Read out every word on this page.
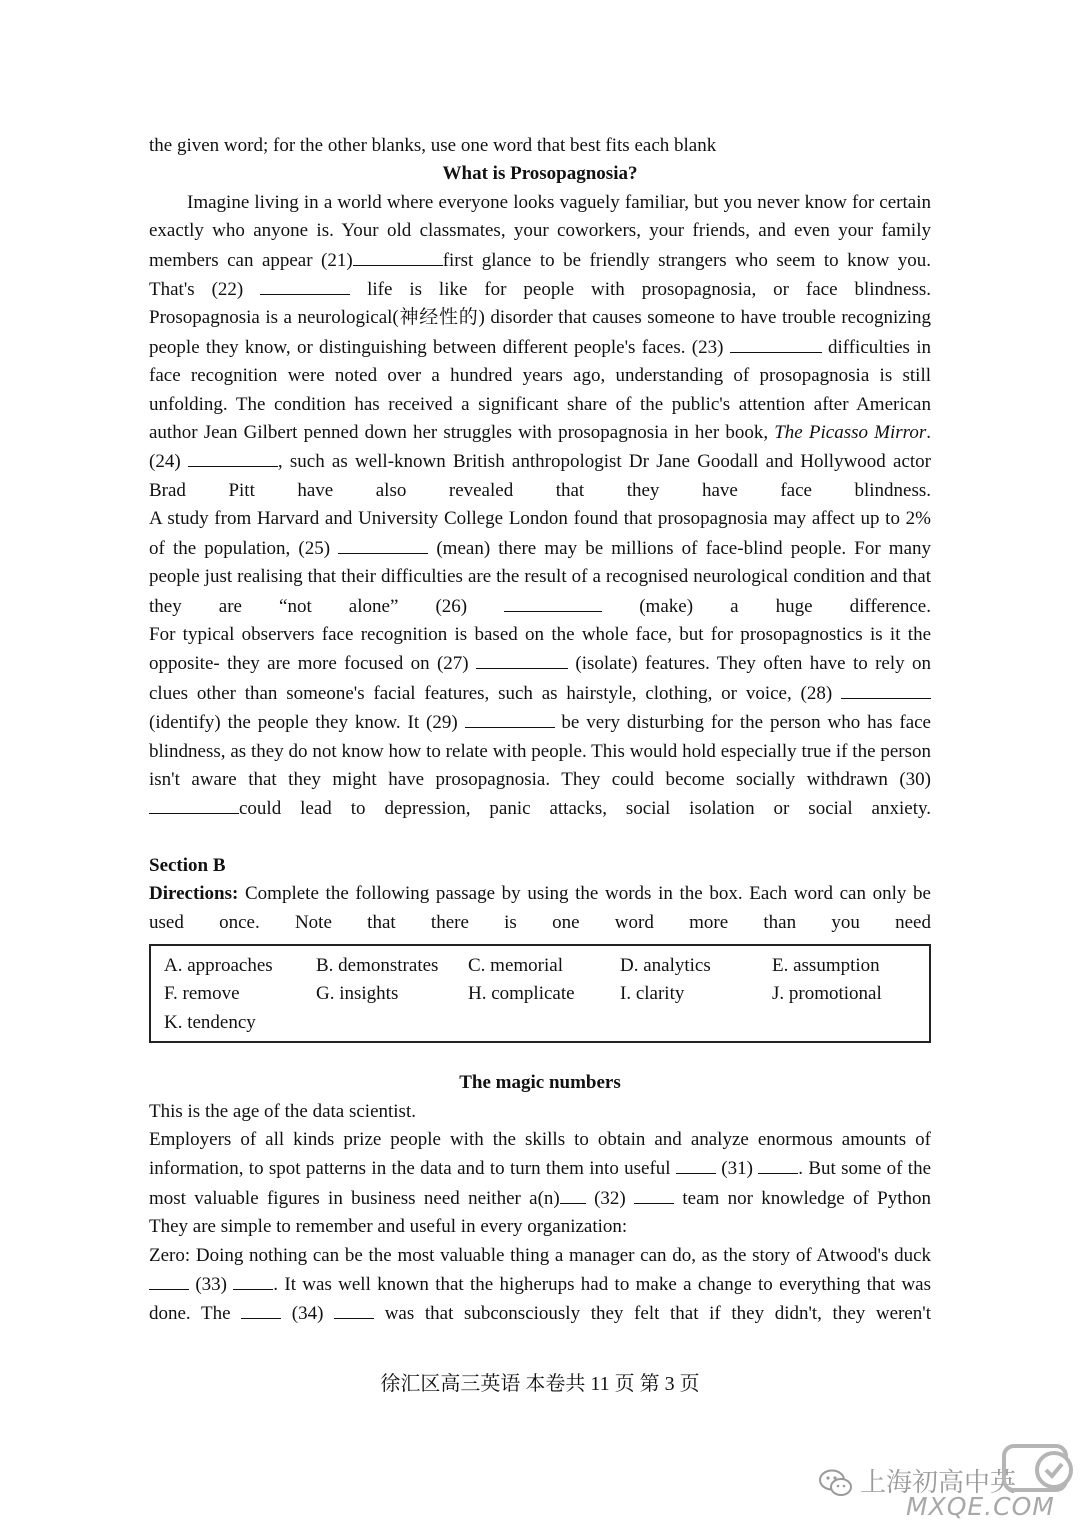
the given word; for the other blanks, use one word that best fits each blank
What is Prosopagnosia?
Imagine living in a world where everyone looks vaguely familiar, but you never know for certain exactly who anyone is. Your old classmates, your coworkers, your friends, and even your family members can appear (21)	first glance to be friendly strangers who seem to know you. That's (22)	life is like for people with prosopagnosia, or face blindness.
Prosopagnosia is a neurological(神经性的) disorder that causes someone to have trouble recognizing people they know, or distinguishing between different people's faces. (23)	difficulties in face recognition were noted over a hundred years ago, understanding of prosopagnosia is still unfolding. The condition has received a significant share of the public's attention after American author Jean Gilbert penned down her struggles with prosopagnosia in her book, The Picasso Mirror. (24)	, such as well-known British anthropologist Dr Jane Goodall and Hollywood actor Brad Pitt have also revealed that they have face blindness.
A study from Harvard and University College London found that prosopagnosia may affect up to 2% of the population, (25)	(mean) there may be millions of face-blind people. For many people just realising that their difficulties are the result of a recognised neurological condition and that they are “not alone” (26)	(make) a huge difference.
For typical observers face recognition is based on the whole face, but for prosopagnostics is it the opposite- they are more focused on (27)	(isolate) features. They often have to rely on clues other than someone's facial features, such as hairstyle, clothing, or voice, (28)  (identify) the people they know. It (29)	be very disturbing for the person who has face blindness, as they do not know how to relate with people. This would hold especially true if the person isn't aware that they might have prosopagnosia. They could become socially withdrawn (30) could lead to depression, panic attacks, social isolation or social anxiety.
Section B
Directions: Complete the following passage by using the words in the box. Each word can only be used once. Note that there is one word more than you need
A. approaches	B. demonstrates	C. memorial	D. analytics	E. assumption
F. remove	G. insights	H. complicate	I. clarity	J. promotional
K. tendency
The magic numbers
This is the age of the data scientist.
Employers of all kinds prize people with the skills to obtain and analyze enormous amounts of information, to spot patterns in the data and to turn them into useful  (31) . But some of the most valuable figures in business need neither a(n) (32)  team nor knowledge of Python
They are simple to remember and useful in every organization:
Zero: Doing nothing can be the most valuable thing a manager can do, as the story of Atwood's duck  (33) . It was well known that the higherups had to make a change to everything that was done. The  (34)  was that subconsciously they felt that if they didn't, they weren't
徐汇区高三英语 本卷共 11 页 第 3 页
上海初高中英
MXQE.COM
